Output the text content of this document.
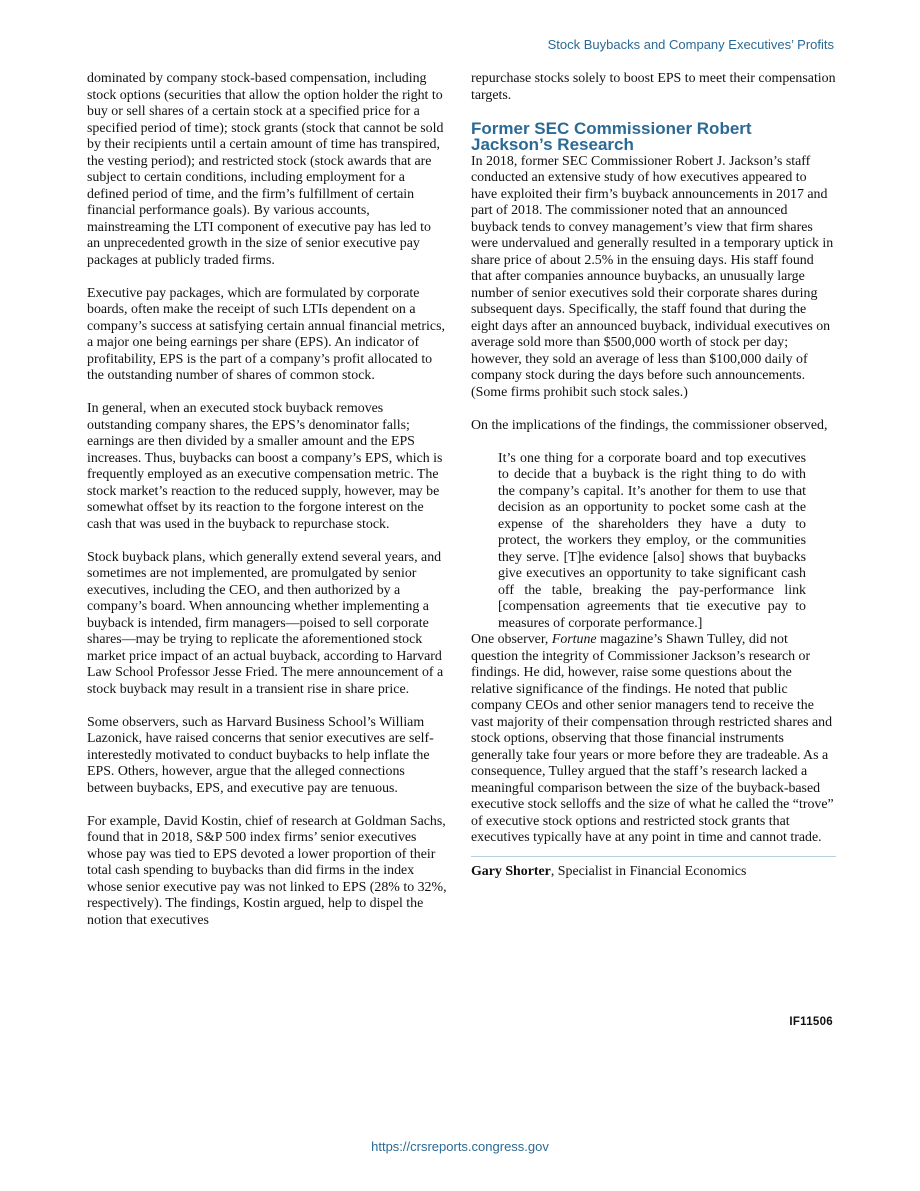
Stock Buybacks and Company Executives’ Profits

dominated by company stock-based compensation, including stock options (securities that allow the option holder the right to buy or sell shares of a certain stock at a specified price for a specified period of time); stock grants (stock that cannot be sold by their recipients until a certain amount of time has transpired, the vesting period); and restricted stock (stock awards that are subject to certain conditions, including employment for a defined period of time, and the firm’s fulfillment of certain financial performance goals). By various accounts, mainstreaming the LTI component of executive pay has led to an unprecedented growth in the size of senior executive pay packages at publicly traded firms.

Executive pay packages, which are formulated by corporate boards, often make the receipt of such LTIs dependent on a company’s success at satisfying certain annual financial metrics, a major one being earnings per share (EPS). An indicator of profitability, EPS is the part of a company’s profit allocated to the outstanding number of shares of common stock.

In general, when an executed stock buyback removes outstanding company shares, the EPS’s denominator falls; earnings are then divided by a smaller amount and the EPS increases. Thus, buybacks can boost a company’s EPS, which is frequently employed as an executive compensation metric. The stock market’s reaction to the reduced supply, however, may be somewhat offset by its reaction to the forgone interest on the cash that was used in the buyback to repurchase stock.

Stock buyback plans, which generally extend several years, and sometimes are not implemented, are promulgated by senior executives, including the CEO, and then authorized by a company’s board. When announcing whether implementing a buyback is intended, firm managers—poised to sell corporate shares—may be trying to replicate the aforementioned stock market price impact of an actual buyback, according to Harvard Law School Professor Jesse Fried. The mere announcement of a stock buyback may result in a transient rise in share price.

Some observers, such as Harvard Business School’s William Lazonick, have raised concerns that senior executives are self-interestedly motivated to conduct buybacks to help inflate the EPS. Others, however, argue that the alleged connections between buybacks, EPS, and executive pay are tenuous.

For example, David Kostin, chief of research at Goldman Sachs, found that in 2018, S&P 500 index firms’ senior executives whose pay was tied to EPS devoted a lower proportion of their total cash spending to buybacks than did firms in the index whose senior executive pay was not linked to EPS (28% to 32%, respectively). The findings, Kostin argued, help to dispel the notion that executives

repurchase stocks solely to boost EPS to meet their compensation targets.

Former SEC Commissioner Robert Jackson’s Research

In 2018, former SEC Commissioner Robert J. Jackson’s staff conducted an extensive study of how executives appeared to have exploited their firm’s buyback announcements in 2017 and part of 2018. The commissioner noted that an announced buyback tends to convey management’s view that firm shares were undervalued and generally resulted in a temporary uptick in share price of about 2.5% in the ensuing days. His staff found that after companies announce buybacks, an unusually large number of senior executives sold their corporate shares during subsequent days. Specifically, the staff found that during the eight days after an announced buyback, individual executives on average sold more than $500,000 worth of stock per day; however, they sold an average of less than $100,000 daily of company stock during the days before such announcements. (Some firms prohibit such stock sales.)

On the implications of the findings, the commissioner observed,

It’s one thing for a corporate board and top executives to decide that a buyback is the right thing to do with the company’s capital. It’s another for them to use that decision as an opportunity to pocket some cash at the expense of the shareholders they have a duty to protect, the workers they employ, or the communities they serve. [T]he evidence [also] shows that buybacks give executives an opportunity to take significant cash off the table, breaking the pay-performance link [compensation agreements that tie executive pay to measures of corporate performance.]

One observer, Fortune magazine’s Shawn Tulley, did not question the integrity of Commissioner Jackson’s research or findings. He did, however, raise some questions about the relative significance of the findings. He noted that public company CEOs and other senior managers tend to receive the vast majority of their compensation through restricted shares and stock options, observing that those financial instruments generally take four years or more before they are tradeable. As a consequence, Tulley argued that the staff’s research lacked a meaningful comparison between the size of the buyback-based executive stock selloffs and the size of what he called the “trove” of executive stock options and restricted stock grants that executives typically have at any point in time and cannot trade.

Gary Shorter, Specialist in Financial Economics
IF11506
https://crsreports.congress.gov
